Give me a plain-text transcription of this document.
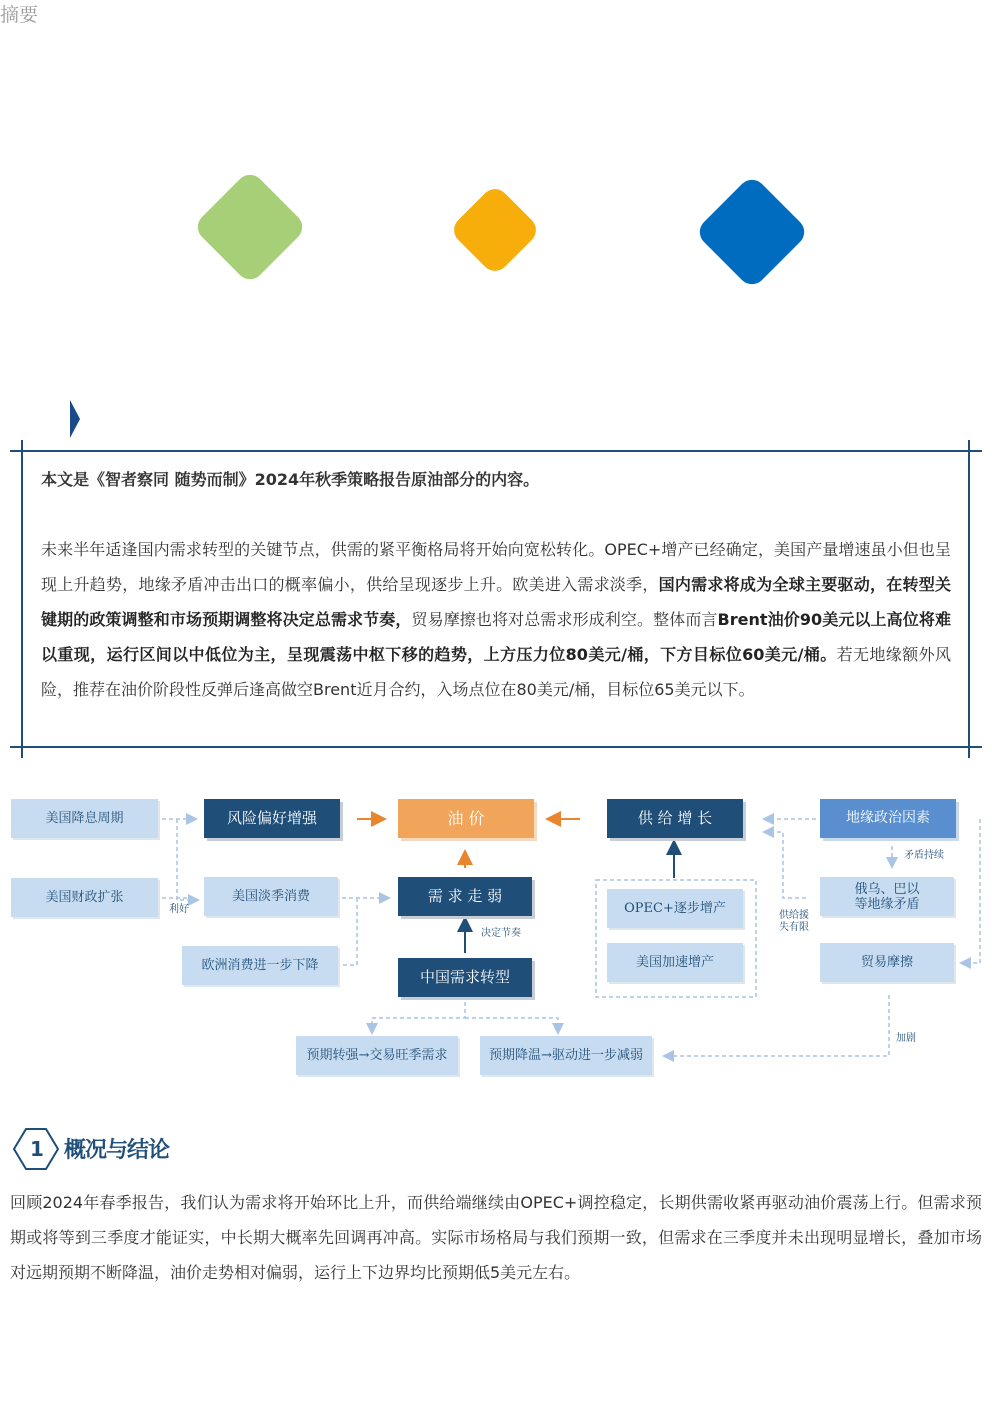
摘要

本文是《智者察同 随势而制》2024年秋季策略报告原油部分的内容。

未来半年适逢国内需求转型的关键节点，供需的紧平衡格局将开始向宽松转化。OPEC+增产已经确定，美国产量增速虽小但也呈现上升趋势，地缘矛盾冲击出口的概率偏小，供给呈现逐步上升。欧美进入需求淡季，国内需求将成为全球主要驱动，在转型关键期的政策调整和市场预期调整将决定总需求节奏，贸易摩擦也将对总需求形成利空。整体而言Brent油价90美元以上高位将难以重现，运行区间以中低位为主，呈现震荡中枢下移的趋势，上方压力位80美元/桶，下方目标位60美元/桶。若无地缘额外风险，推荐在油价阶段性反弹后逢高做空Brent近月合约，入场点位在80美元/桶，目标位65美元以下。

美国降息周期
美国财政扩张
风险偏好增强
美国淡季消费
欧洲消费进一步下降
油 价
需 求 走 弱
中国需求转型
供 给 增 长
OPEC+逐步增产
美国加速增产
地缘政治因素
俄乌、巴以
等地缘矛盾
贸易摩擦
预期转强→交易旺季需求	预期降温→驱动进一步减弱
利好
决定节奏
矛盾持续
供给援
失有限
加剧
1 概况与结论

回顾2024年春季报告，我们认为需求将开始环比上升，而供给端继续由OPEC+调控稳定，长期供需收紧再驱动油价震荡上行。但需求预期或将等到三季度才能证实，中长期大概率先回调再冲高。实际市场格局与我们预期一致，但需求在三季度并未出现明显增长，叠加市场对远期预期不断降温，油价走势相对偏弱，运行上下边界均比预期低5美元左右。
